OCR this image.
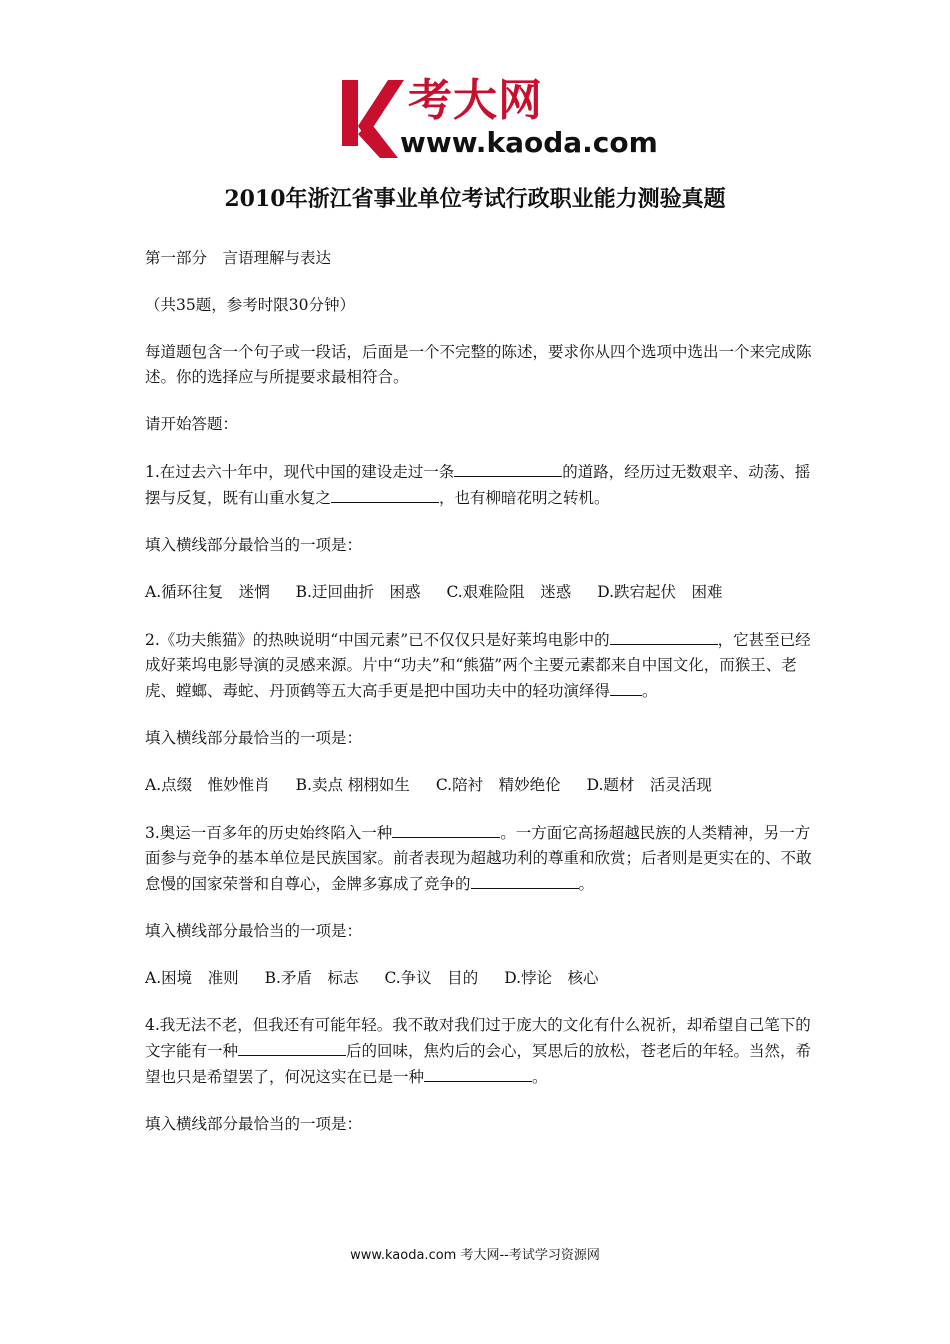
考大网
www.kaoda.com
2010年浙江省事业单位考试行政职业能力测验真题

第一部分　言语理解与表达

（共35题，参考时限30分钟）

每道题包含一个句子或一段话，后面是一个不完整的陈述，要求你从四个选项中选出一个来完成陈述。你的选择应与所提要求最相符合。

请开始答题：

1.在过去六十年中，现代中国的建设走过一条	的道路，经历过无数艰辛、动荡、摇摆与反复，既有山重水复之	，也有柳暗花明之转机。

填入横线部分最恰当的一项是：

A.循环往复　迷惘 B.迂回曲折　困惑 C.艰难险阻　迷惑 D.跌宕起伏　困难

2.《功夫熊猫》的热映说明“中国元素”已不仅仅只是好莱坞电影中的	，它甚至已经成好莱坞电影导演的灵感来源。片中“功夫”和“熊猫”两个主要元素都来自中国文化，而猴王、老虎、螳螂、毒蛇、丹顶鹤等五大高手更是把中国功夫中的轻功演绎得 。

填入横线部分最恰当的一项是：

A.点缀　惟妙惟肖 B.卖点 栩栩如生 C.陪衬　精妙绝伦 D.题材　活灵活现

3.奥运一百多年的历史始终陷入一种	。一方面它高扬超越民族的人类精神，另一方面参与竞争的基本单位是民族国家。前者表现为超越功利的尊重和欣赏；后者则是更实在的、不敢怠慢的国家荣誉和自尊心，金牌多寡成了竞争的	。

填入横线部分最恰当的一项是：

A.困境　准则 B.矛盾　标志 C.争议　目的 D.悖论　核心

4.我无法不老，但我还有可能年轻。我不敢对我们过于庞大的文化有什么祝祈，却希望自己笔下的文字能有一种	后的回味，焦灼后的会心，冥思后的放松，苍老后的年轻。当然，希望也只是希望罢了，何况这实在已是一种	。

填入横线部分最恰当的一项是：

www.kaoda.com 考大网--考试学习资源网
